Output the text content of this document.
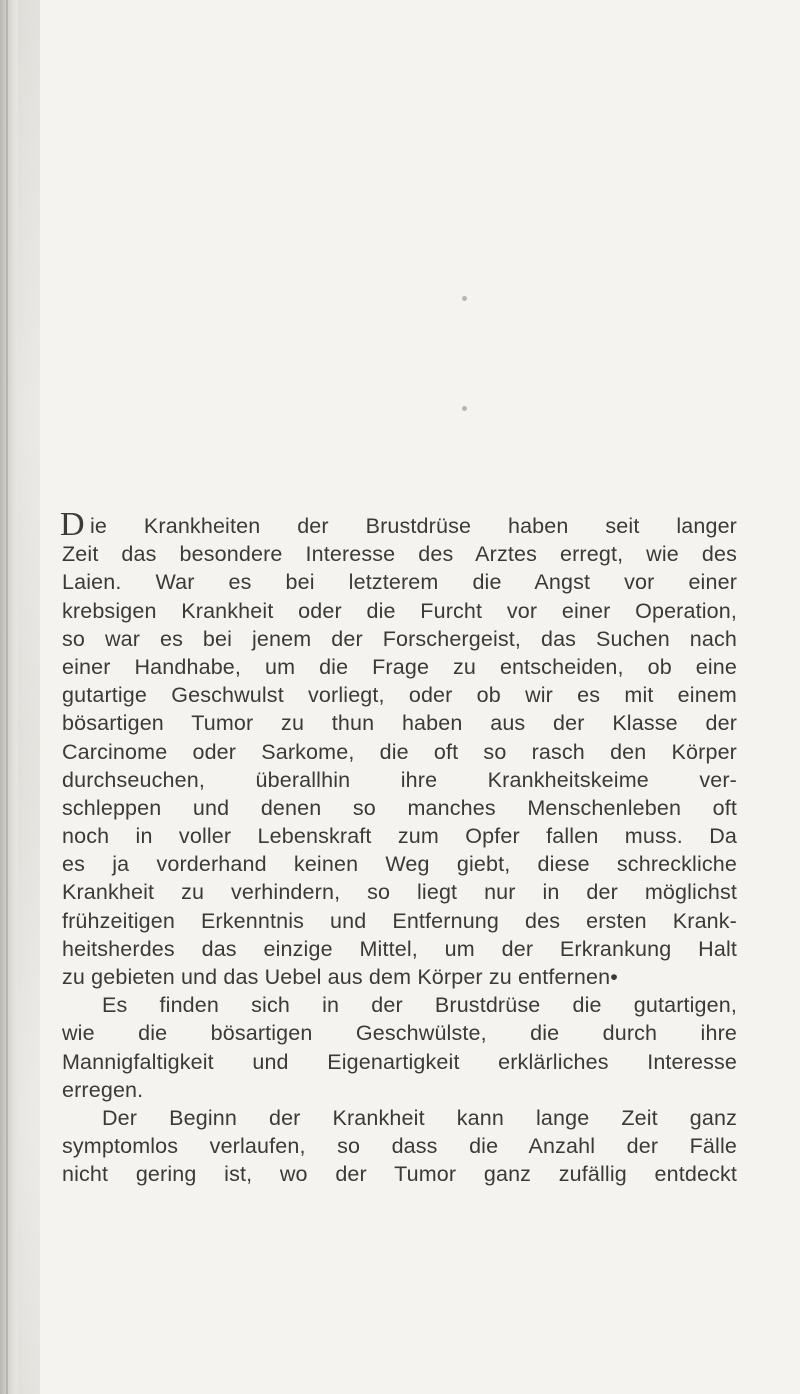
D ie Krankheiten der Brustdrüse haben seit langer
Zeit das besondere Interesse des Arztes erregt, wie des
Laien. War es bei letzterem die Angst vor einer
krebsigen Krankheit oder die Furcht vor einer Operation,
so war es bei jenem der Forschergeist, das Suchen nach
einer Handhabe, um die Frage zu entscheiden, ob eine
gutartige Geschwulst vorliegt, oder ob wir es mit einem
bösartigen Tumor zu thun haben aus der Klasse der
Carcinome oder Sarkome, die oft so rasch den Körper
durchseuchen, überallhin ihre Krankheitskeime ver-
schleppen und denen so manches Menschenleben oft
noch in voller Lebenskraft zum Opfer fallen muss. Da
es ja vorderhand keinen Weg giebt, diese schreckliche
Krankheit zu verhindern, so liegt nur in der möglichst
frühzeitigen Erkenntnis und Entfernung des ersten Krank-
heitsherdes das einzige Mittel, um der Erkrankung Halt
zu gebieten und das Uebel aus dem Körper zu entfernen•
Es finden sich in der Brustdrüse die gutartigen,
wie die bösartigen Geschwülste, die durch ihre
Mannigfaltigkeit und Eigenartigkeit erklärliches Interesse
erregen.
Der Beginn der Krankheit kann lange Zeit ganz
symptomlos verlaufen, so dass die Anzahl der Fälle
nicht gering ist, wo der Tumor ganz zufällig entdeckt
